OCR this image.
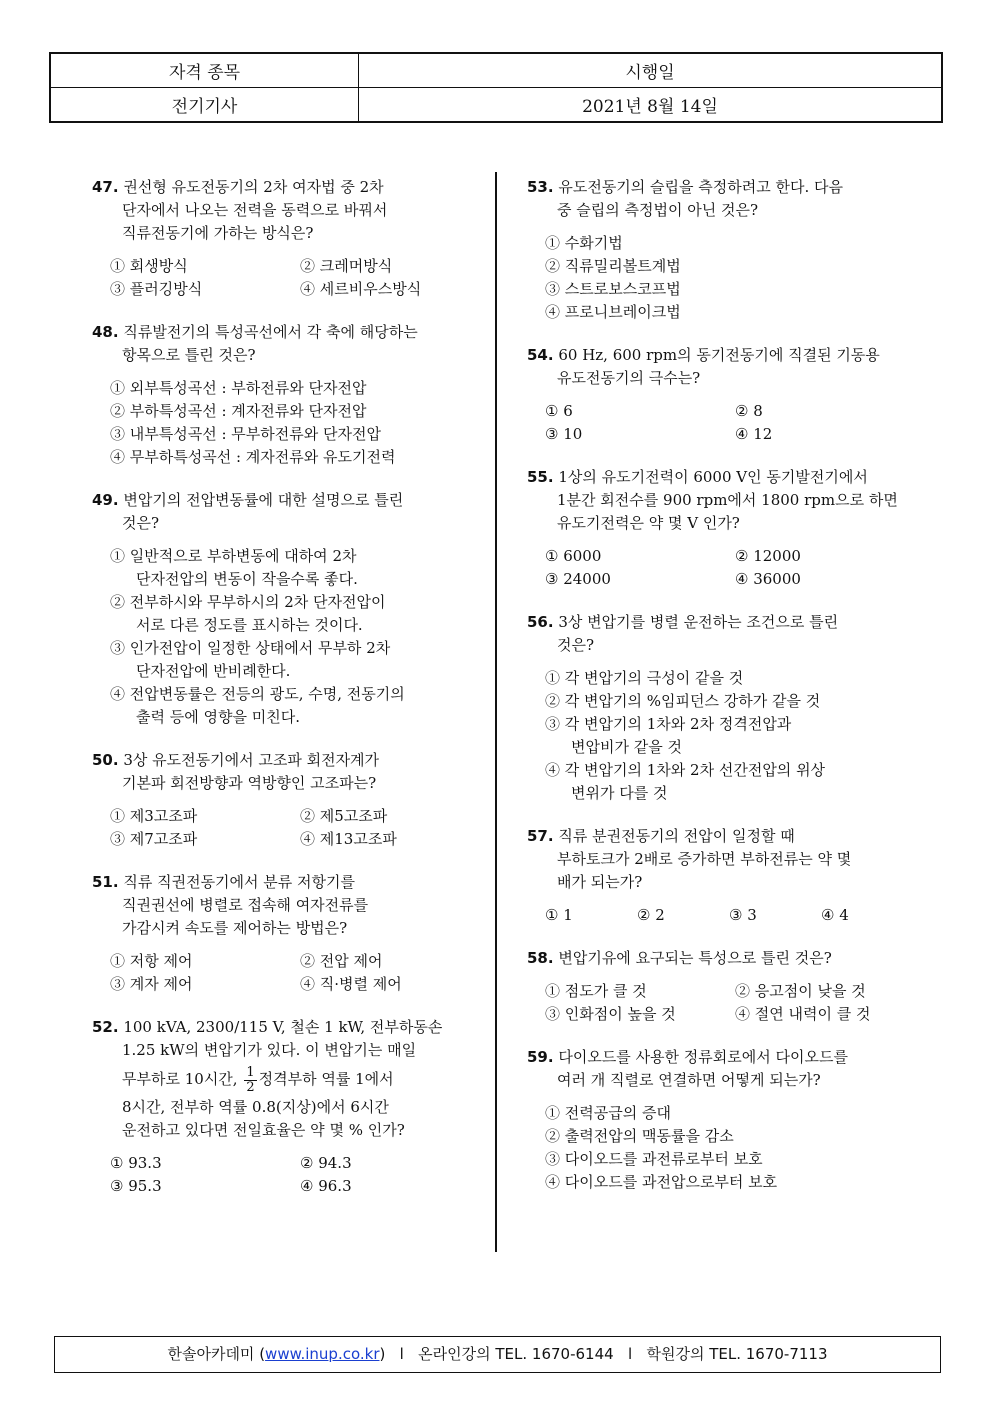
자격 종목	시행일
전기기사	2021년 8월 14일
47. 권선형 유도전동기의 2차 여자법 중 2차
단자에서 나오는 전력을 동력으로 바꿔서
직류전동기에 가하는 방식은?
① 회생방식	② 크레머방식
③ 플러깅방식	④ 세르비우스방식
48. 직류발전기의 특성곡선에서 각 축에 해당하는
항목으로 틀린 것은?
① 외부특성곡선 : 부하전류와 단자전압
② 부하특성곡선 : 계자전류와 단자전압
③ 내부특성곡선 : 무부하전류와 단자전압
④ 무부하특성곡선 : 계자전류와 유도기전력
49. 변압기의 전압변동률에 대한 설명으로 틀린
것은?
① 일반적으로 부하변동에 대하여 2차
단자전압의 변동이 작을수록 좋다.
② 전부하시와 무부하시의 2차 단자전압이
서로 다른 정도를 표시하는 것이다.
③ 인가전압이 일정한 상태에서 무부하 2차
단자전압에 반비례한다.
④ 전압변동률은 전등의 광도, 수명, 전동기의
출력 등에 영향을 미친다.
50. 3상 유도전동기에서 고조파 회전자계가
기본파 회전방향과 역방향인 고조파는?
① 제3고조파	② 제5고조파
③ 제7고조파	④ 제13고조파
51. 직류 직권전동기에서 분류 저항기를
직권권선에 병렬로 접속해 여자전류를
가감시켜 속도를 제어하는 방법은?
① 저항 제어	② 전압 제어
③ 계자 제어	④ 직·병렬 제어
52. 100 kVA, 2300/115 V, 철손 1 kW, 전부하동손
1.25 kW의 변압기가 있다. 이 변압기는 매일
무부하로 10시간, $\frac{1}{2}$ 정격부하 역률 1에서
8시간, 전부하 역률 0.8(지상)에서 6시간
운전하고 있다면 전일효율은 약 몇 % 인가?
① 93.3	② 94.3
③ 95.3	④ 96.3
53. 유도전동기의 슬립을 측정하려고 한다. 다음
중 슬립의 측정법이 아닌 것은?
① 수화기법
② 직류밀리볼트계법
③ 스트로보스코프법
④ 프로니브레이크법
54. 60 Hz, 600 rpm의 동기전동기에 직결된 기동용
유도전동기의 극수는?
① 6	② 8
③ 10	④ 12
55. 1상의 유도기전력이 6000 V인 동기발전기에서
1분간 회전수를 900 rpm에서 1800 rpm으로 하면
유도기전력은 약 몇 V 인가?
① 6000	② 12000
③ 24000	④ 36000
56. 3상 변압기를 병렬 운전하는 조건으로 틀린
것은?
① 각 변압기의 극성이 같을 것
② 각 변압기의 %임피던스 강하가 같을 것
③ 각 변압기의 1차와 2차 정격전압과
변압비가 같을 것
④ 각 변압기의 1차와 2차 선간전압의 위상
변위가 다를 것
57. 직류 분권전동기의 전압이 일정할 때
부하토크가 2배로 증가하면 부하전류는 약 몇
배가 되는가?
① 1	② 2	③ 3	④ 4
58. 변압기유에 요구되는 특성으로 틀린 것은?
① 점도가 클 것	② 응고점이 낮을 것
③ 인화점이 높을 것	④ 절연 내력이 클 것
59. 다이오드를 사용한 정류회로에서 다이오드를
여러 개 직렬로 연결하면 어떻게 되는가?
① 전력공급의 증대
② 출력전압의 맥동률을 감소
③ 다이오드를 과전류로부터 보호
④ 다이오드를 과전압으로부터 보호
한솔아카데미 (www.inup.co.kr) l 온라인강의 TEL. 1670-6144 l 학원강의 TEL. 1670-7113
